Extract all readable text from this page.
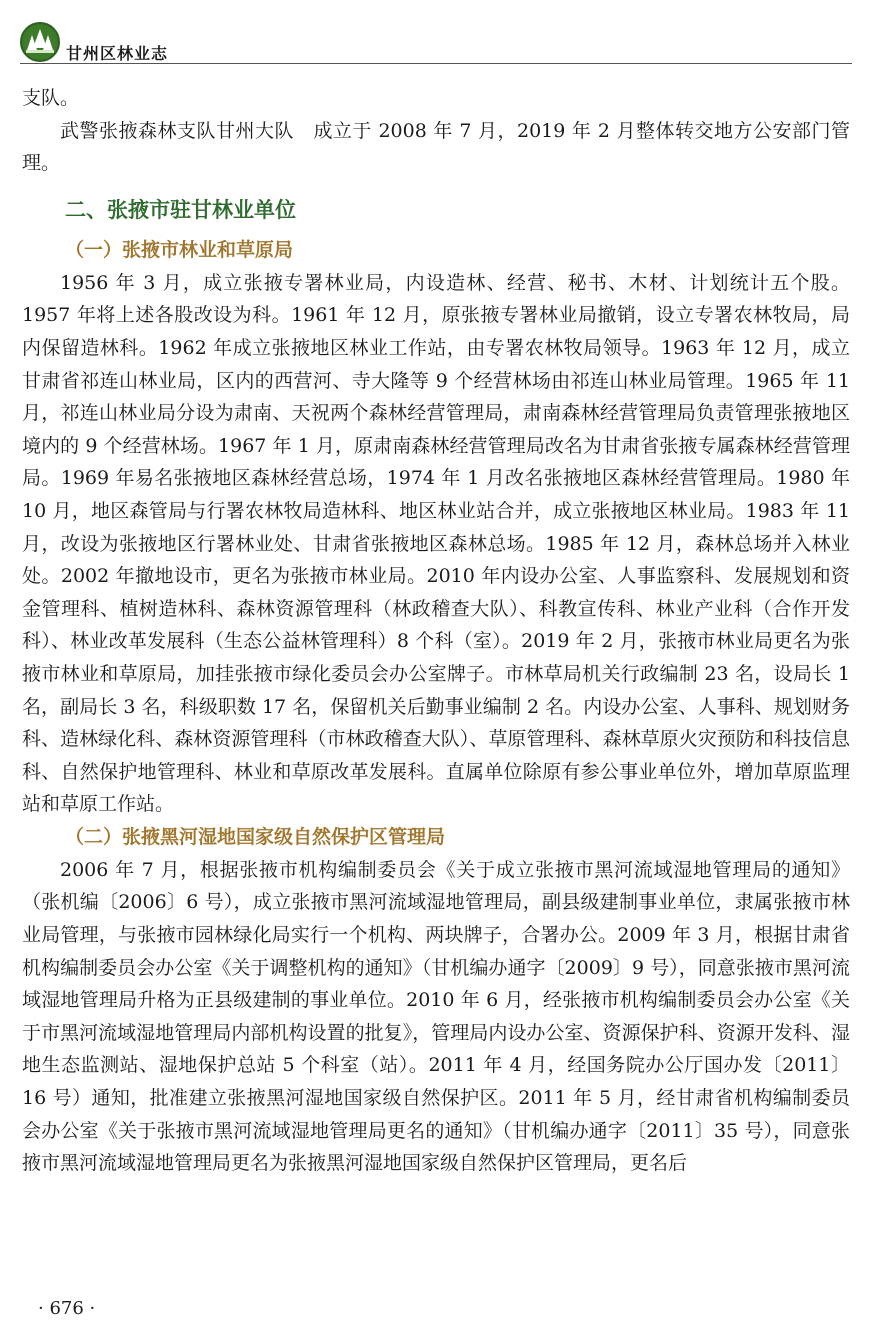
甘州区林业志

支队。

武警张掖森林支队甘州大队　成立于 2008 年 7 月，2019 年 2 月整体转交地方公安部门管理。

二、张掖市驻甘林业单位
（一）张掖市林业和草原局

1956 年 3 月，成立张掖专署林业局，内设造林、经营、秘书、木材、计划统计五个股。1957 年将上述各股改设为科。1961 年 12 月，原张掖专署林业局撤销，设立专署农林牧局，局内保留造林科。1962 年成立张掖地区林业工作站，由专署农林牧局领导。1963 年 12 月，成立甘肃省祁连山林业局，区内的西营河、寺大隆等 9 个经营林场由祁连山林业局管理。1965 年 11 月，祁连山林业局分设为肃南、天祝两个森林经营管理局，肃南森林经营管理局负责管理张掖地区境内的 9 个经营林场。1967 年 1 月，原肃南森林经营管理局改名为甘肃省张掖专属森林经营管理局。1969 年易名张掖地区森林经营总场，1974 年 1 月改名张掖地区森林经营管理局。1980 年 10 月，地区森管局与行署农林牧局造林科、地区林业站合并，成立张掖地区林业局。1983 年 11 月，改设为张掖地区行署林业处、甘肃省张掖地区森林总场。1985 年 12 月，森林总场并入林业处。2002 年撤地设市，更名为张掖市林业局。2010 年内设办公室、人事监察科、发展规划和资金管理科、植树造林科、森林资源管理科（林政稽查大队）、科教宣传科、林业产业科（合作开发科）、林业改革发展科（生态公益林管理科）8 个科（室）。2019 年 2 月，张掖市林业局更名为张掖市林业和草原局，加挂张掖市绿化委员会办公室牌子。市林草局机关行政编制 23 名，设局长 1 名，副局长 3 名，科级职数 17 名，保留机关后勤事业编制 2 名。内设办公室、人事科、规划财务科、造林绿化科、森林资源管理科（市林政稽查大队）、草原管理科、森林草原火灾预防和科技信息科、自然保护地管理科、林业和草原改革发展科。直属单位除原有参公事业单位外，增加草原监理站和草原工作站。

（二）张掖黑河湿地国家级自然保护区管理局

2006 年 7 月，根据张掖市机构编制委员会《关于成立张掖市黑河流域湿地管理局的通知》（张机编〔2006〕6 号），成立张掖市黑河流域湿地管理局，副县级建制事业单位，隶属张掖市林业局管理，与张掖市园林绿化局实行一个机构、两块牌子，合署办公。2009 年 3 月，根据甘肃省机构编制委员会办公室《关于调整机构的通知》（甘机编办通字〔2009〕9 号），同意张掖市黑河流域湿地管理局升格为正县级建制的事业单位。2010 年 6 月，经张掖市机构编制委员会办公室《关于市黑河流域湿地管理局内部机构设置的批复》，管理局内设办公室、资源保护科、资源开发科、湿地生态监测站、湿地保护总站 5 个科室（站）。2011 年 4 月，经国务院办公厅国办发〔2011〕16 号）通知，批准建立张掖黑河湿地国家级自然保护区。2011 年 5 月，经甘肃省机构编制委员会办公室《关于张掖市黑河流域湿地管理局更名的通知》（甘机编办通字〔2011〕35 号），同意张掖市黑河流域湿地管理局更名为张掖黑河湿地国家级自然保护区管理局，更名后

· 676 ·
